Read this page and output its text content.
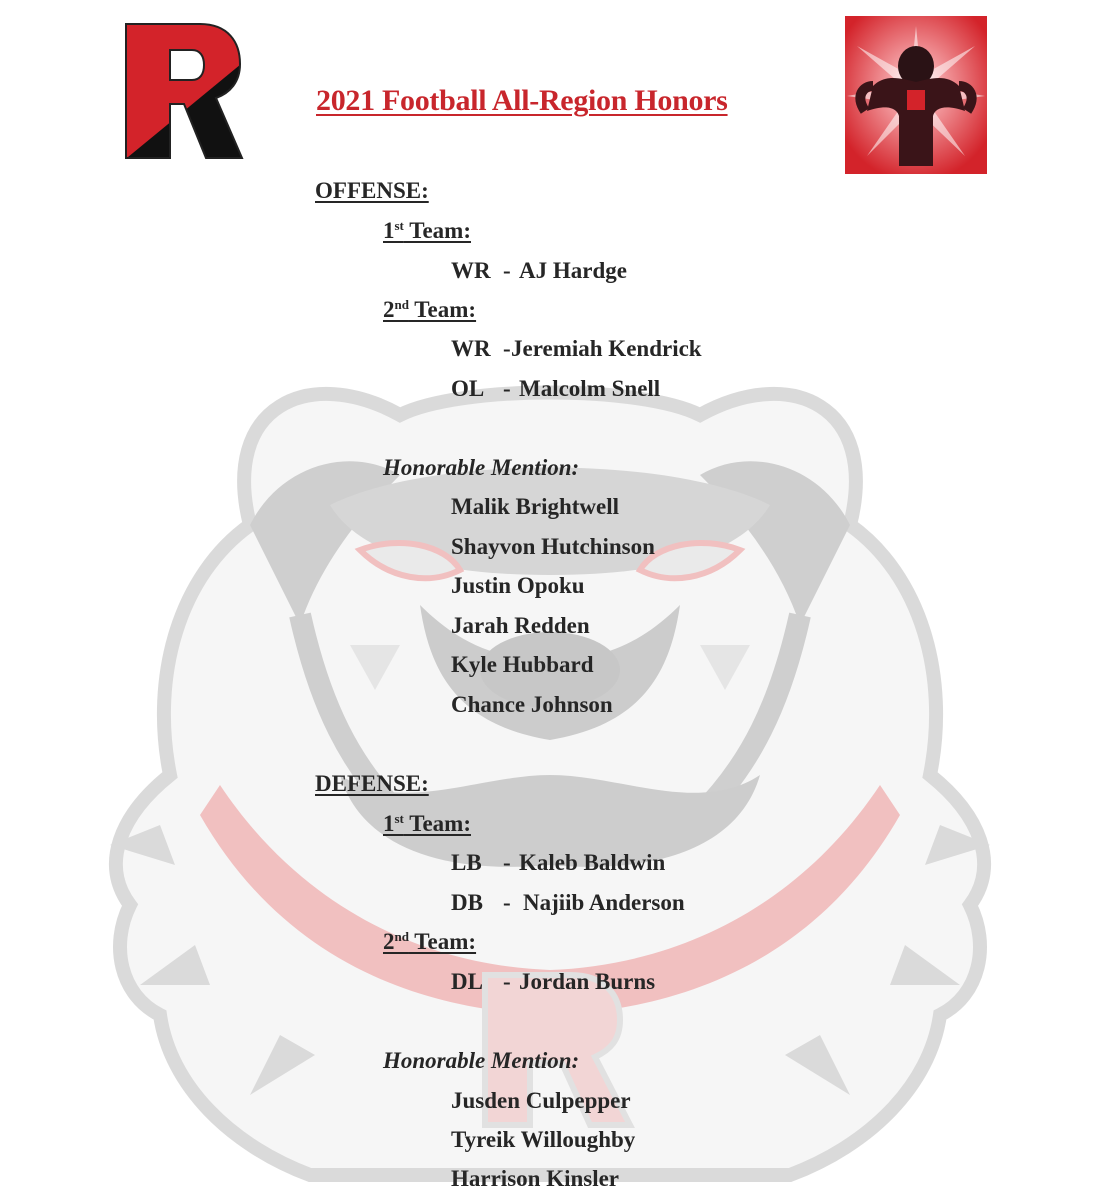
2021 Football All-Region Honors
OFFENSE:
1st Team:
WR - AJ Hardge
2nd Team:
WR -Jeremiah Kendrick
OL - Malcolm Snell
Honorable Mention:
Malik Brightwell
Shayvon Hutchinson
Justin Opoku
Jarah Redden
Kyle Hubbard
Chance Johnson
DEFENSE:
1st Team:
LB - Kaleb Baldwin
DB - Najiib Anderson
2nd Team:
DL - Jordan Burns
Honorable Mention:
Jusden Culpepper
Tyreik Willoughby
Harrison Kinsler
